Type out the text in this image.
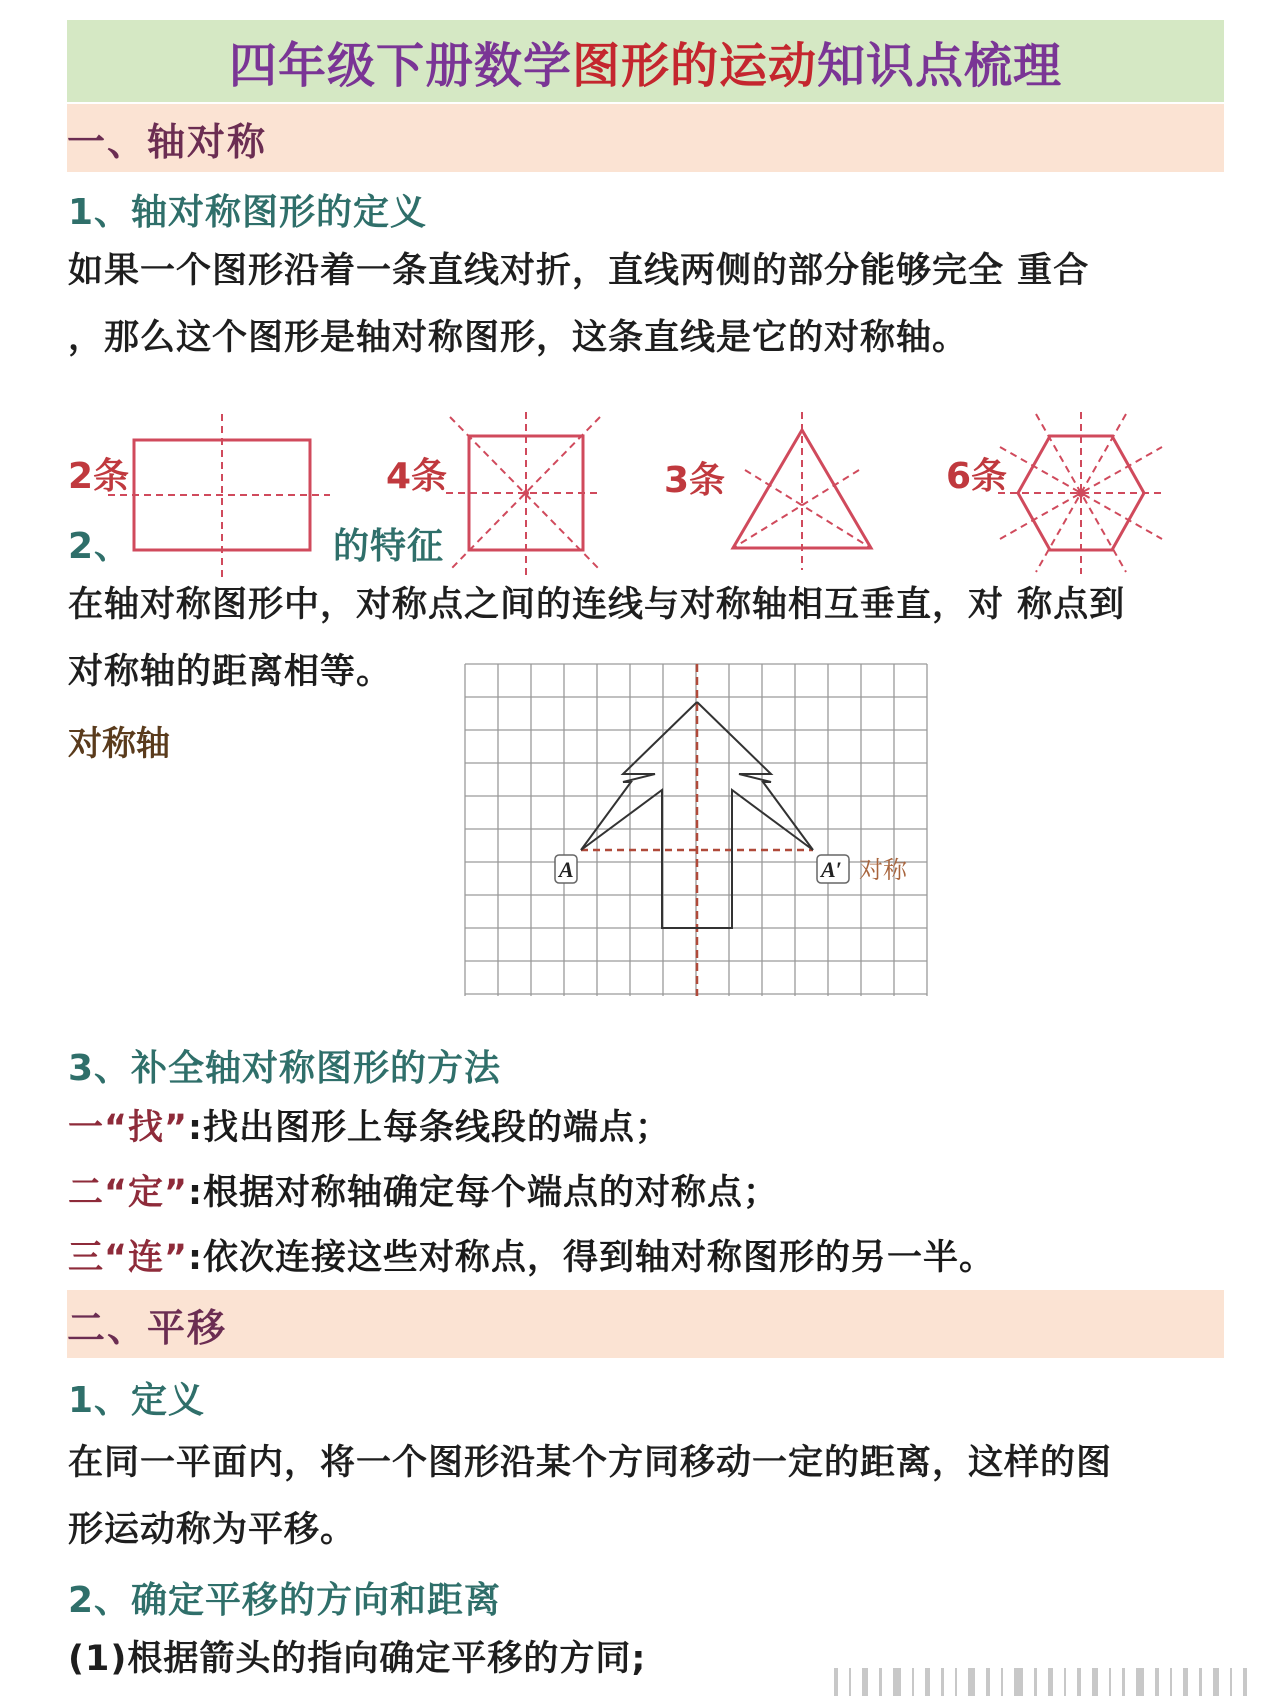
四年级下册数学 图形的运动 知识点梳理
一、轴对称
1、轴对称图形的定义
如果一个图形沿着一条直线对折，直线两侧的部分能够完全 重合
，那么这个图形是轴对称图形，这条直线是它的对称轴。
2条	4条	3条	6条
2、	的特征
在轴对称图形中，对称点之间的连线与对称轴相互垂直，对 称点到
对称轴的距离相等。
对称轴
A	A′ 对称
3、补全轴对称图形的方法
一“找”:找出图形上每条线段的端点；
二“定”:根据对称轴确定每个端点的对称点；
三“连”:依次连接这些对称点，得到轴对称图形的另一半。
二、平移
1、定义
在同一平面内，将一个图形沿某个方同移动一定的距离，这样的图
形运动称为平移。
2、确定平移的方向和距离
(1)根据箭头的指向确定平移的方同;
